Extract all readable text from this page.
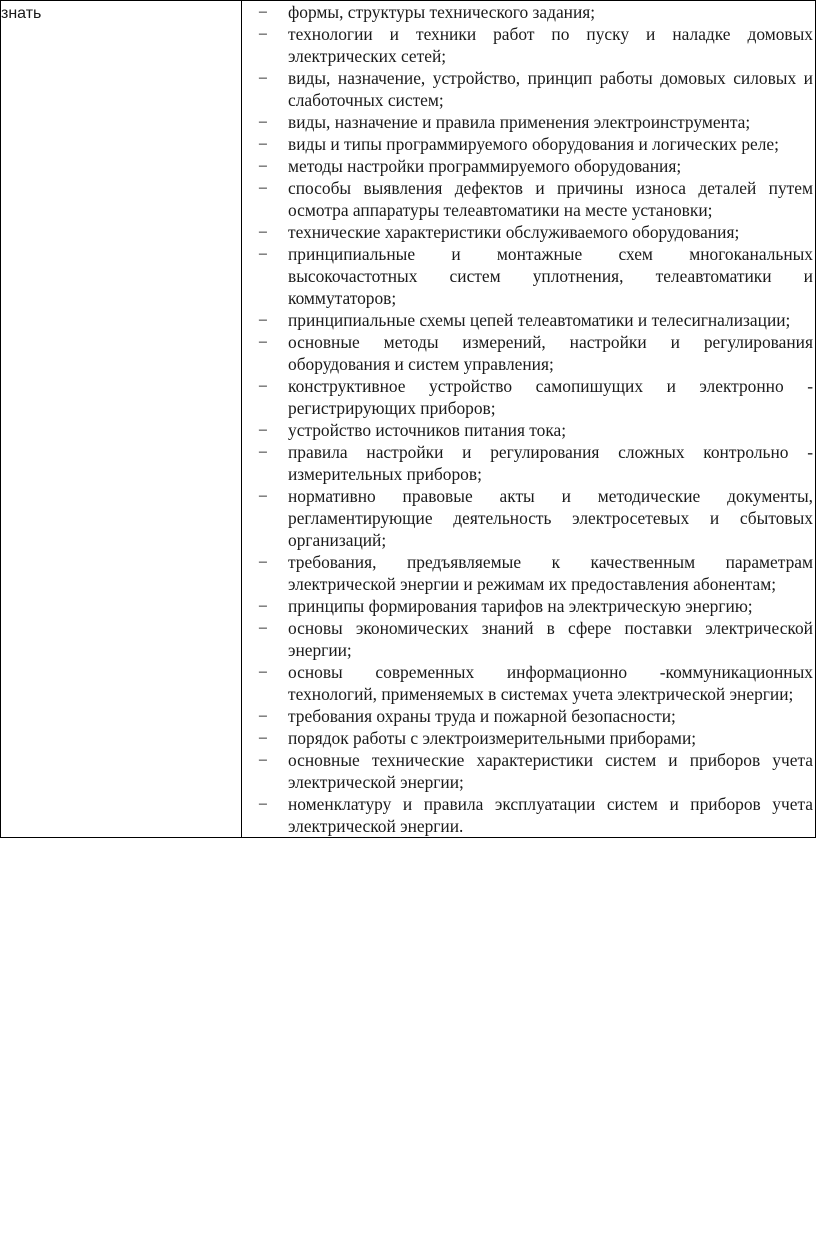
знать	− формы, структуры технического задания;
− технологии и техники работ по пуску и наладке домовых электрических сетей;
− виды, назначение, устройство, принцип работы домовых силовых и слаботочных систем;
− виды, назначение и правила применения электроинструмента;
− виды и типы программируемого оборудования и логических реле;
− методы настройки программируемого оборудования;
− способы выявления дефектов и причины износа деталей путем осмотра аппаратуры телеавтоматики на месте установки;
− технические характеристики обслуживаемого оборудования;
− принципиальные и монтажные схем многоканальных высокочастотных систем уплотнения, телеавтоматики и коммутаторов;
− принципиальные схемы цепей телеавтоматики и телесигнализации;
− основные методы измерений, настройки и регулирования оборудования и систем управления;
− конструктивное устройство самопишущих и электронно - регистрирующих приборов;
− устройство источников питания тока;
− правила настройки и регулирования сложных контрольно - измерительных приборов;
− нормативно правовые акты и методические документы, регламентирующие деятельность электросетевых и сбытовых организаций;
− требования, предъявляемые к качественным параметрам электрической энергии и режимам их предоставления абонентам;
− принципы формирования тарифов на электрическую энергию;
− основы экономических знаний в сфере поставки электрической энергии;
− основы современных информационно -коммуникационных технологий, применяемых в системах учета электрической энергии;
− требования охраны труда и пожарной безопасности;
− порядок работы с электроизмерительными приборами;
− основные технические характеристики систем и приборов учета электрической энергии;
− номенклатуру и правила эксплуатации систем и приборов учета электрической энергии.
